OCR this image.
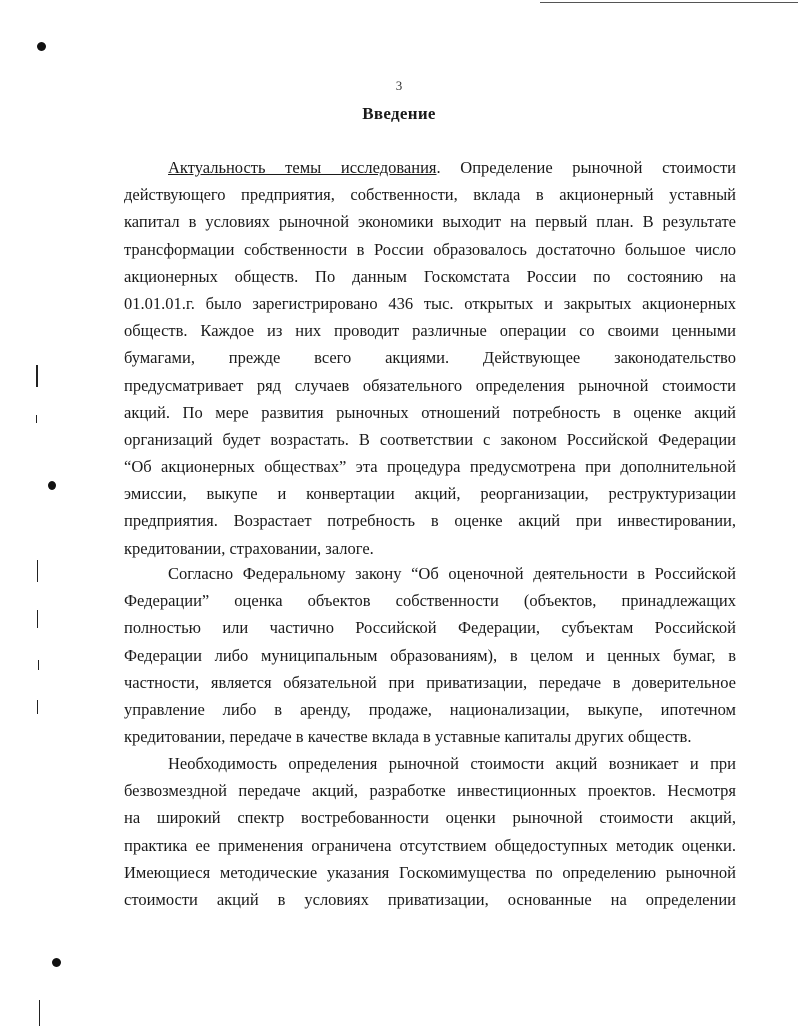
3
Введение
Актуальность темы исследования. Определение рыночной стоимости
действующего предприятия, собственности, вклада в акционерный уставный
капитал в условиях рыночной экономики выходит на первый план. В результате
трансформации собственности в России образовалось достаточно большое число
акционерных обществ. По данным Госкомстата России по состоянию на
01.01.01.г. было зарегистрировано 436 тыс. открытых и закрытых акционерных
обществ. Каждое из них проводит различные операции со своими ценными
бумагами, прежде всего акциями. Действующее законодательство
предусматривает ряд случаев обязательного определения рыночной стоимости
акций. По мере развития рыночных отношений потребность в оценке акций
организаций будет возрастать. В соответствии с законом Российской Федерации
“Об акционерных обществах” эта процедура предусмотрена при дополнительной
эмиссии, выкупе и конвертации акций, реорганизации, реструктуризации
предприятия. Возрастает потребность в оценке акций при инвестировании,
кредитовании, страховании, залоге.
Согласно Федеральному закону “Об оценочной деятельности в Российской
Федерации” оценка объектов собственности (объектов, принадлежащих
полностью или частично Российской Федерации, субъектам Российской
Федерации либо муниципальным образованиям), в целом и ценных бумаг, в
частности, является обязательной при приватизации, передаче в доверительное
управление либо в аренду, продаже, национализации, выкупе, ипотечном
кредитовании, передаче в качестве вклада в уставные капиталы других обществ.
Необходимость определения рыночной стоимости акций возникает и при
безвозмездной передаче акций, разработке инвестиционных проектов. Несмотря
на широкий спектр востребованности оценки рыночной стоимости акций,
практика ее применения ограничена отсутствием общедоступных методик оценки.
Имеющиеся методические указания Госкомимущества по определению рыночной
стоимости акций в условиях приватизации, основанные на определении
